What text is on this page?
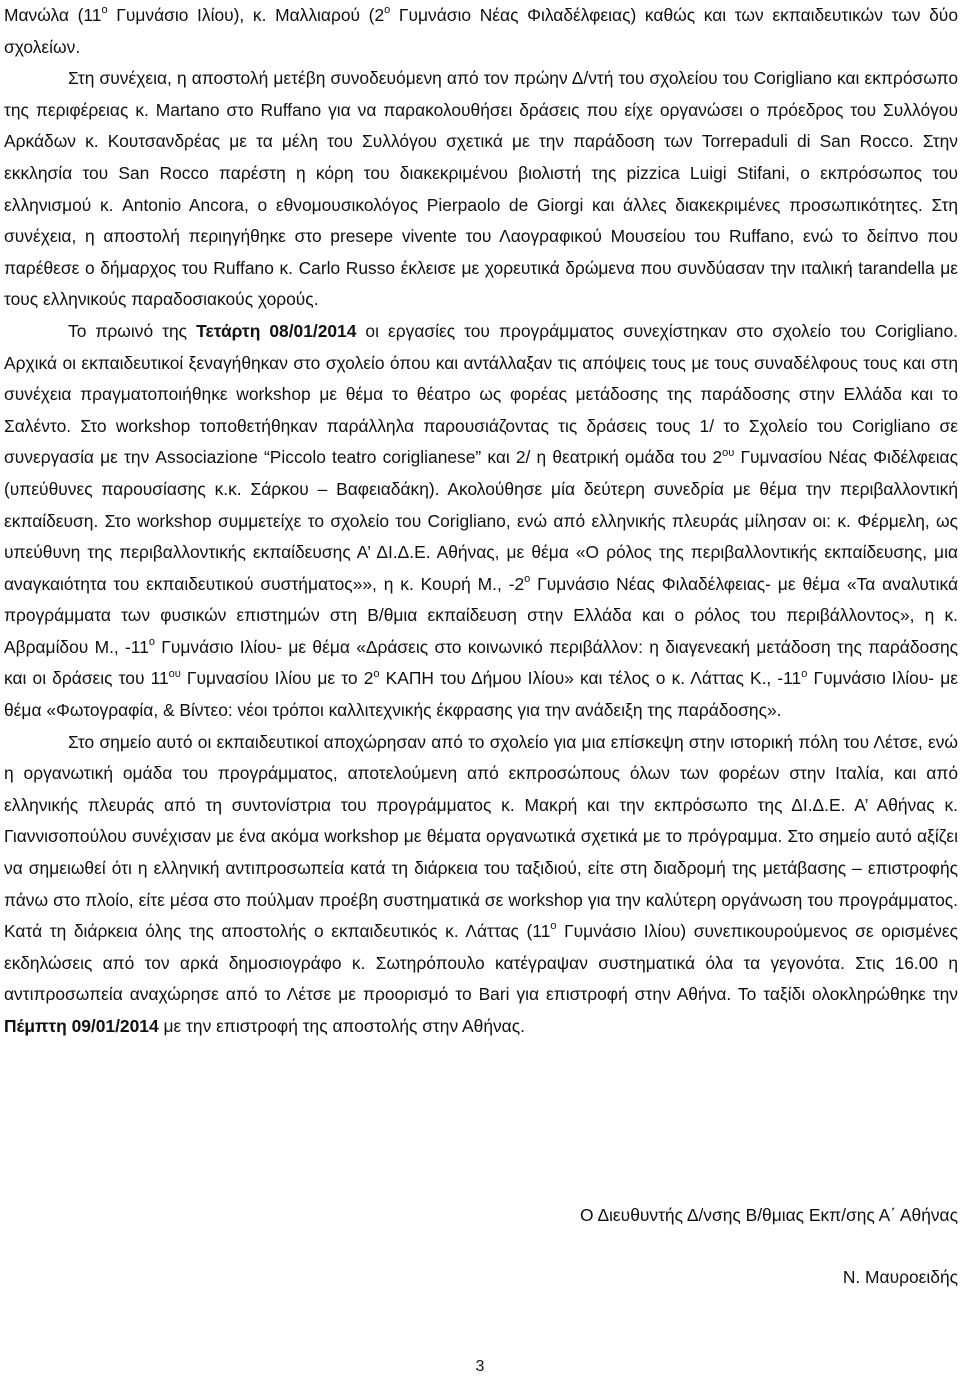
Μανώλα ($11^o$ Γυμνάσιο Ιλίου), κ. Μαλλιαρού ($2^o$ Γυμνάσιο Νέας Φιλαδέλφειας) καθώς και των εκπαιδευτικών των δύο σχολείων.

Στη συνέχεια, η αποστολή μετέβη συνοδευόμενη από τον πρώην Δ/ντή του σχολείου του Corigliano και εκπρόσωπο της περιφέρειας κ. Martano στο Ruffano για να παρακολουθήσει δράσεις που είχε οργανώσει ο πρόεδρος του Συλλόγου Αρκάδων κ. Κουτσανδρέας με τα μέλη του Συλλόγου σχετικά με την παράδοση των Torrepaduli di San Rocco. Στην εκκλησία του San Rocco παρέστη η κόρη του διακεκριμένου βιολιστή της pizzica Luigi Stifani, ο εκπρόσωπος του ελληνισμού κ. Antonio Ancora, ο εθνομουσικολόγος Pierpaolo de Giorgi και άλλες διακεκριμένες προσωπικότητες. Στη συνέχεια, η αποστολή περιηγήθηκε στο presepe vivente του Λαογραφικού Μουσείου του Ruffano, ενώ το δείπνο που παρέθεσε ο δήμαρχος του Ruffano κ. Carlo Russo έκλεισε με χορευτικά δρώμενα που συνδύασαν την ιταλική tarandella με τους ελληνικούς παραδοσιακούς χορούς.

Το πρωινό της Τετάρτη 08/01/2014 οι εργασίες του προγράμματος συνεχίστηκαν στο σχολείο του Corigliano. Αρχικά οι εκπαιδευτικοί ξεναγήθηκαν στο σχολείο όπου και αντάλλαξαν τις απόψεις τους με τους συναδέλφους τους και στη συνέχεια πραγματοποιήθηκε workshop με θέμα το θέατρο ως φορέας μετάδοσης της παράδοσης στην Ελλάδα και το Σαλέντο. Στο workshop τοποθετήθηκαν παράλληλα παρουσιάζοντας τις δράσεις τους 1/ το Σχολείο του Corigliano σε συνεργασία με την Associazione “Piccolo teatro coriglianese” και 2/ η θεατρική ομάδα του $2^{o\upsilon}$ Γυμνασίου Νέας Φιδέλφειας (υπεύθυνες παρουσίασης κ.κ. Σάρκου – Βαφειαδάκη). Ακολούθησε μία δεύτερη συνεδρία με θέμα την περιβαλλοντική εκπαίδευση. Στο workshop συμμετείχε το σχολείο του Corigliano, ενώ από ελληνικής πλευράς μίλησαν οι: κ. Φέρμελη, ως υπεύθυνη της περιβαλλοντικής εκπαίδευσης Α’ ΔΙ.Δ.Ε. Αθήνας, με θέμα «Ο ρόλος της περιβαλλοντικής εκπαίδευσης, μια αναγκαιότητα του εκπαιδευτικού συστήματος»», η κ. Κουρή Μ., $-2^o$ Γυμνάσιο Νέας Φιλαδέλφειας- με θέμα «Τα αναλυτικά προγράμματα των φυσικών επιστημών στη Β/θμια εκπαίδευση στην Ελλάδα και ο ρόλος του περιβάλλοντος», η κ. Αβραμίδου Μ., $-11^o$ Γυμνάσιο Ιλίου- με θέμα «Δράσεις στο κοινωνικό περιβάλλον: η διαγενεακή μετάδοση της παράδοσης και οι δράσεις του $11^{o\upsilon}$ Γυμνασίου Ιλίου με το $2^o$ ΚΑΠΗ του Δήμου Ιλίου» και τέλος ο κ. Λάττας Κ., $-11^o$ Γυμνάσιο Ιλίου- με θέμα «Φωτογραφία, & Βίντεο: νέοι τρόποι καλλιτεχνικής έκφρασης για την ανάδειξη της παράδοσης».

Στο σημείο αυτό οι εκπαιδευτικοί αποχώρησαν από το σχολείο για μια επίσκεψη στην ιστορική πόλη του Λέτσε, ενώ η οργανωτική ομάδα του προγράμματος, αποτελούμενη από εκπροσώπους όλων των φορέων στην Ιταλία, και από ελληνικής πλευράς από τη συντονίστρια του προγράμματος κ. Μακρή και την εκπρόσωπο της ΔΙ.Δ.Ε. Α’ Αθήνας κ. Γιαννισοπούλου συνέχισαν με ένα ακόμα workshop με θέματα οργανωτικά σχετικά με το πρόγραμμα. Στο σημείο αυτό αξίζει να σημειωθεί ότι η ελληνική αντιπροσωπεία κατά τη διάρκεια του ταξιδιού, είτε στη διαδρομή της μετάβασης – επιστροφής πάνω στο πλοίο, είτε μέσα στο πούλμαν προέβη συστηματικά σε workshop για την καλύτερη οργάνωση του προγράμματος. Κατά τη διάρκεια όλης της αποστολής ο εκπαιδευτικός κ. Λάττας ($11^o$ Γυμνάσιο Ιλίου) συνεπικουρούμενος σε ορισμένες εκδηλώσεις από τον αρκά δημοσιογράφο κ. Σωτηρόπουλο κατέγραψαν συστηματικά όλα τα γεγονότα. Στις 16.00 η αντιπροσωπεία αναχώρησε από το Λέτσε με προορισμό το Bari για επιστροφή στην Αθήνα. Το ταξίδι ολοκληρώθηκε την Πέμπτη 09/01/2014 με την επιστροφή της αποστολής στην Αθήνας.

Ο Διευθυντής Δ/νσης Β/θμιας Εκπ/σης Α΄ Αθήνας
Ν. Μαυροειδής
3
